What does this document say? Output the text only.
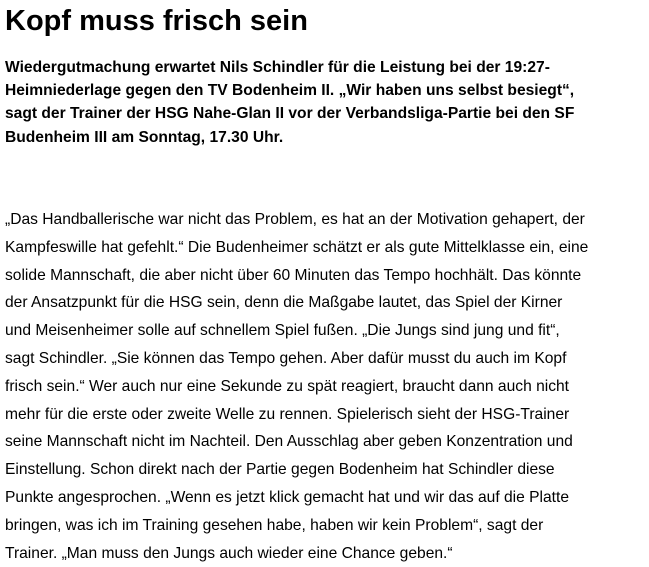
Kopf muss frisch sein

Wiedergutmachung erwartet Nils Schindler für die Leistung bei der 19:27-
Heimniederlage gegen den TV Bodenheim II. „Wir haben uns selbst besiegt“,
sagt der Trainer der HSG Nahe-Glan II vor der Verbandsliga-Partie bei den SF
Budenheim III am Sonntag, 17.30 Uhr.

„Das Handballerische war nicht das Problem, es hat an der Motivation gehapert, der
Kampfeswille hat gefehlt.“ Die Budenheimer schätzt er als gute Mittelklasse ein, eine
solide Mannschaft, die aber nicht über 60 Minuten das Tempo hochhält. Das könnte
der Ansatzpunkt für die HSG sein, denn die Maßgabe lautet, das Spiel der Kirner
und Meisenheimer solle auf schnellem Spiel fußen. „Die Jungs sind jung und fit“,
sagt Schindler. „Sie können das Tempo gehen. Aber dafür musst du auch im Kopf
frisch sein.“ Wer auch nur eine Sekunde zu spät reagiert, braucht dann auch nicht
mehr für die erste oder zweite Welle zu rennen. Spielerisch sieht der HSG-Trainer
seine Mannschaft nicht im Nachteil. Den Ausschlag aber geben Konzentration und
Einstellung. Schon direkt nach der Partie gegen Bodenheim hat Schindler diese
Punkte angesprochen. „Wenn es jetzt klick gemacht hat und wir das auf die Platte
bringen, was ich im Training gesehen habe, haben wir kein Problem“, sagt der
Trainer. „Man muss den Jungs auch wieder eine Chance geben.“
